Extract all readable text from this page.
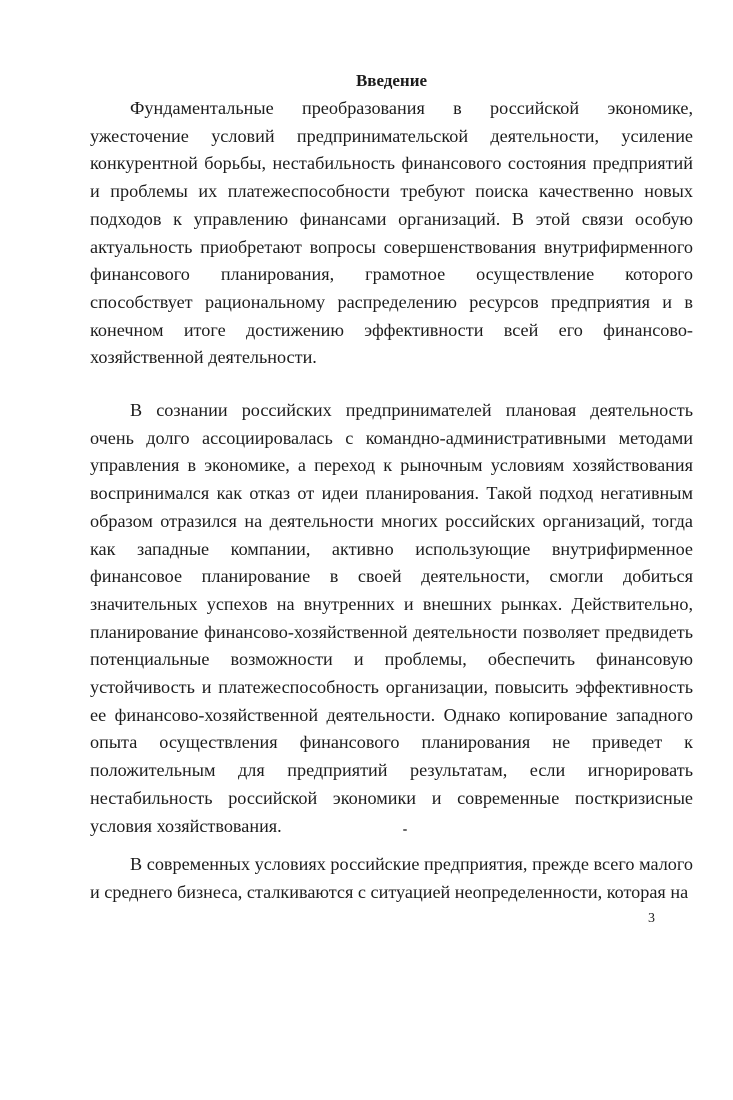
Введение

Фундаментальные преобразования в российской экономике, ужесточение условий предпринимательской деятельности, усиление конкурентной борьбы, нестабильность финансового состояния предприятий и проблемы их платежеспособности требуют поиска качественно новых подходов к управлению финансами организаций. В этой связи особую актуальность приобретают вопросы совершенствования внутрифирменного финансового планирования, грамотное осуществление которого способствует рациональному распределению ресурсов предприятия и в конечном итоге достижению эффективности всей его финансово-хозяйственной деятельности.

В сознании российских предпринимателей плановая деятельность очень долго ассоциировалась с командно-административными методами управления в экономике, а переход к рыночным условиям хозяйствования воспринимался как отказ от идеи планирования. Такой подход негативным образом отразился на деятельности многих российских организаций, тогда как западные компании, активно использующие внутрифирменное финансовое планирование в своей деятельности, смогли добиться значительных успехов на внутренних и внешних рынках. Действительно, планирование финансово-хозяйственной деятельности позволяет предвидеть потенциальные возможности и проблемы, обеспечить финансовую устойчивость и платежеспособность организации, повысить эффективность ее финансово-хозяйственной деятельности. Однако копирование западного опыта осуществления финансового планирования не приведет к положительным для предприятий результатам, если игнорировать нестабильность российской экономики и современные посткризисные условия хозяйствования.

В современных условиях российские предприятия, прежде всего малого и среднего бизнеса, сталкиваются с ситуацией неопределенности, которая на

3
